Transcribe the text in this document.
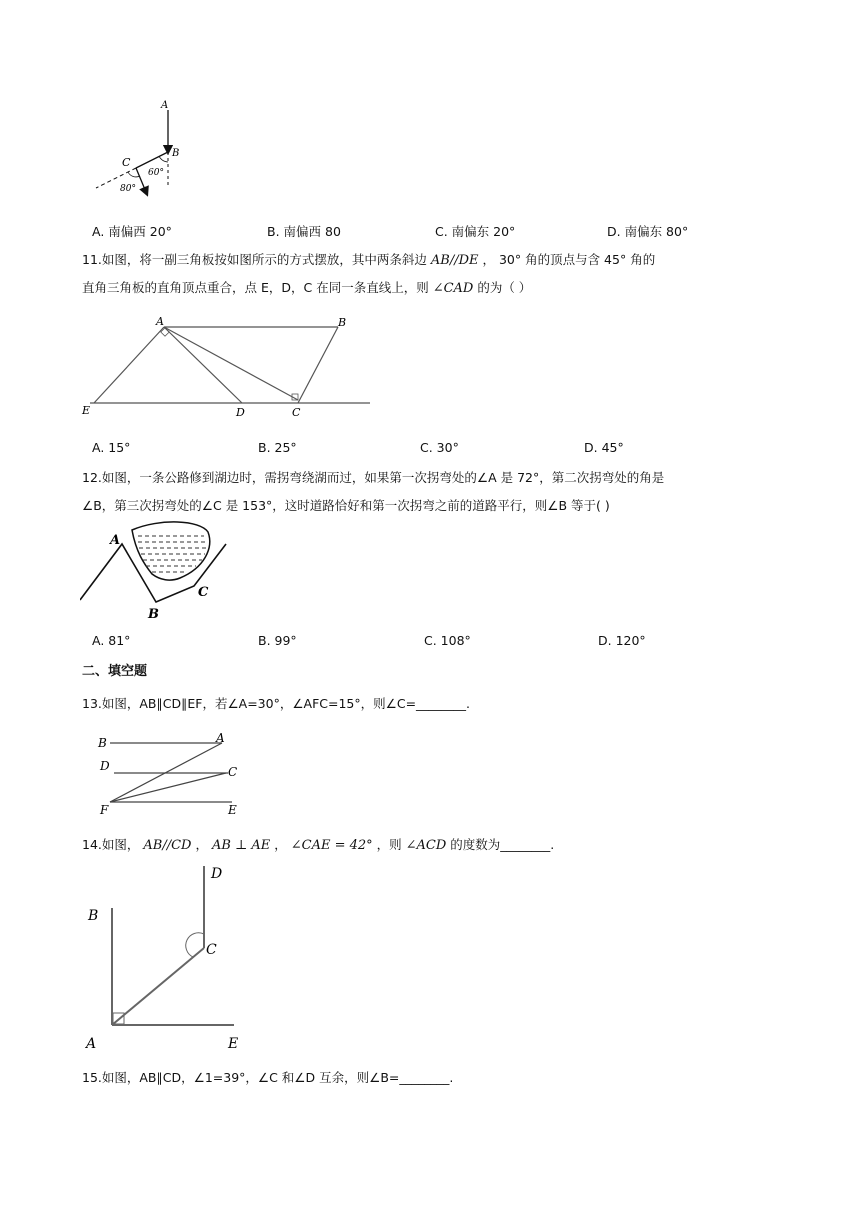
A
B
C
60°
80°
A. 南偏西 20°	B. 南偏西 80	C. 南偏东 20°	D. 南偏东 80°
11.如图，将一副三角板按如图所示的方式摆放，其中两条斜边 AB//DE ， 30° 角的顶点与含 45° 角的
直角三角板的直角顶点重合，点 E，D，C 在同一条直线上，则 ∠CAD 的为（ ）
A	B
E	D	C
A. 15°	B. 25°	C. 30°	D. 45°
12.如图，一条公路修到湖边时，需拐弯绕湖而过，如果第一次拐弯处的∠A 是 72°，第二次拐弯处的角是
∠B，第三次拐弯处的∠C 是 153°，这时道路恰好和第一次拐弯之前的道路平行，则∠B 等于( )
A
B
C
A. 81°	B. 99°	C. 108°	D. 120°
二、填空题
13.如图，AB∥CD∥EF，若∠A=30°，∠AFC=15°，则∠C=________.
B	A
D	C
F	E
14.如图， AB//CD ， AB ⊥ AE ， ∠CAE = 42° ，则 ∠ACD 的度数为________.
D
B
C
A	E
15.如图，AB∥CD，∠1=39°，∠C 和∠D 互余，则∠B=________.
